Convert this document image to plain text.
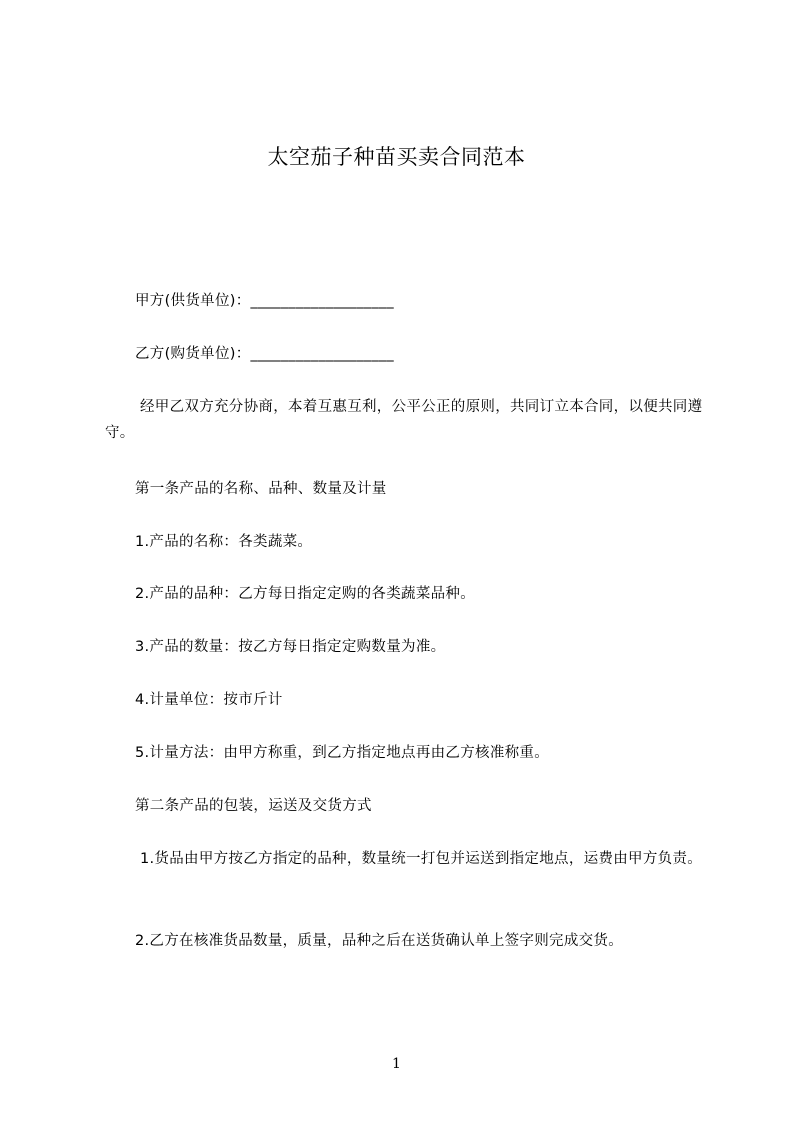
太空茄子种苗买卖合同范本
甲方(供货单位)：___________________
乙方(购货单位)：___________________
经甲乙双方充分协商，本着互惠互利，公平公正的原则，共同订立本合同，以便共同遵守。
第一条产品的名称、品种、数量及计量
1.产品的名称：各类蔬菜。
2.产品的品种：乙方每日指定定购的各类蔬菜品种。
3.产品的数量：按乙方每日指定定购数量为准。
4.计量单位：按市斤计
5.计量方法：由甲方称重，到乙方指定地点再由乙方核准称重。
第二条产品的包装，运送及交货方式
1.货品由甲方按乙方指定的品种，数量统一打包并运送到指定地点，运费由甲方负责。
2.乙方在核准货品数量，质量，品种之后在送货确认单上签字则完成交货。
1
